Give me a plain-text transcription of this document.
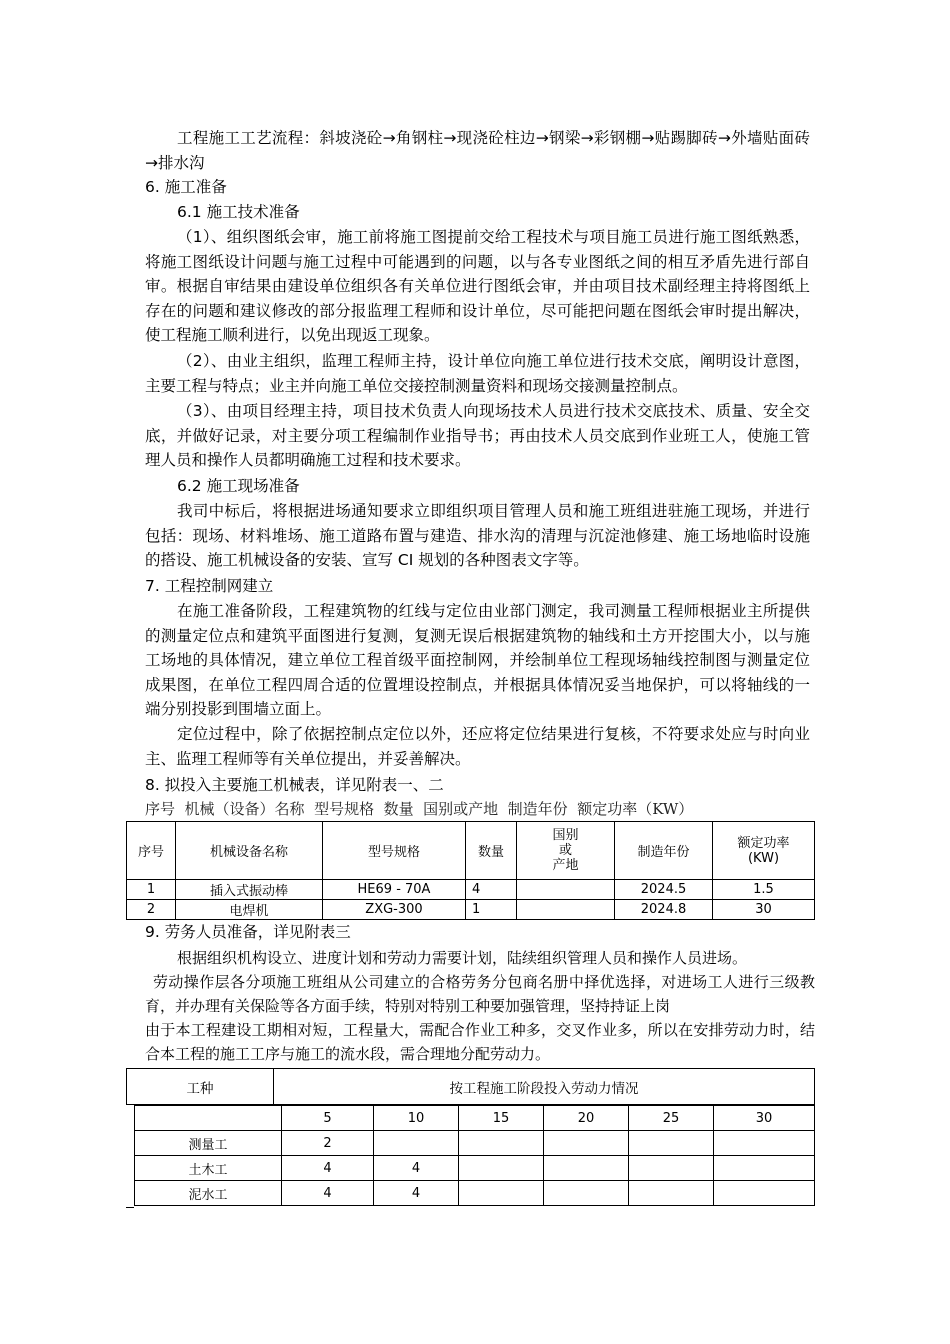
工程施工工艺流程：斜坡浇砼→角钢柱→现浇砼柱边→钢梁→彩钢棚→贴踢脚砖→外墙贴面砖→排水沟

6. 施工准备

6.1 施工技术准备

（1）、组织图纸会审，施工前将施工图提前交给工程技术与项目施工员进行施工图纸熟悉，将施工图纸设计问题与施工过程中可能遇到的问题，以与各专业图纸之间的相互矛盾先进行部自审。根据自审结果由建设单位组织各有关单位进行图纸会审，并由项目技术副经理主持将图纸上存在的问题和建议修改的部分报监理工程师和设计单位，尽可能把问题在图纸会审时提出解决，使工程施工顺利进行，以免出现返工现象。

（2）、由业主组织，监理工程师主持，设计单位向施工单位进行技术交底，阐明设计意图，主要工程与特点；业主并向施工单位交接控制测量资料和现场交接测量控制点。

（3）、由项目经理主持，项目技术负责人向现场技术人员进行技术交底技术、质量、安全交底，并做好记录，对主要分项工程编制作业指导书；再由技术人员交底到作业班工人，使施工管理人员和操作人员都明确施工过程和技术要求。

6.2 施工现场准备

我司中标后，将根据进场通知要求立即组织项目管理人员和施工班组进驻施工现场，并进行包括：现场、材料堆场、施工道路布置与建造、排水沟的清理与沉淀池修建、施工场地临时设施的搭设、施工机械设备的安装、宣写 CI 规划的各种图表文字等。

7. 工程控制网建立

在施工准备阶段，工程建筑物的红线与定位由业部门测定，我司测量工程师根据业主所提供的测量定位点和建筑平面图进行复测，复测无误后根据建筑物的轴线和土方开挖围大小，以与施工场地的具体情况，建立单位工程首级平面控制网，并绘制单位工程现场轴线控制图与测量定位成果图，在单位工程四周合适的位置埋设控制点，并根据具体情况妥当地保护，可以将轴线的一端分别投影到围墙立面上。

定位过程中，除了依据控制点定位以外，还应将定位结果进行复核，不符要求处应与时向业主、监理工程师等有关单位提出，并妥善解决。

8. 拟投入主要施工机械表，详见附表一、二

序号  机械（设备）名称  型号规格  数量  国别或产地  制造年份  额定功率（KW）

序号	机械设备名称	型号规格	数量	国别
或
产地	制造年份	额定功率
(KW)
1	插入式振动棒	HE69 - 70A	4		2024.5	1.5
2	电焊机	ZXG-300	1		2024.8	30

9. 劳务人员准备，详见附表三

根据组织机构设立、进度计划和劳动力需要计划，陆续组织管理人员和操作人员进场。

劳动操作层各分项施工班组从公司建立的合格劳务分包商名册中择优选择，对进场工人进行三级教育，并办理有关保险等各方面手续，特别对特别工种要加强管理，坚持持证上岗

由于本工程建设工期相对短，工程量大，需配合作业工种多，交叉作业多，所以在安排劳动力时，结合本工程的施工工序与施工的流水段，需合理地分配劳动力。

工种	按工程施工阶段投入劳动力情况
	5	10	15	20	25	30
测量工	2					
土木工	4	4				
泥水工	4	4				
